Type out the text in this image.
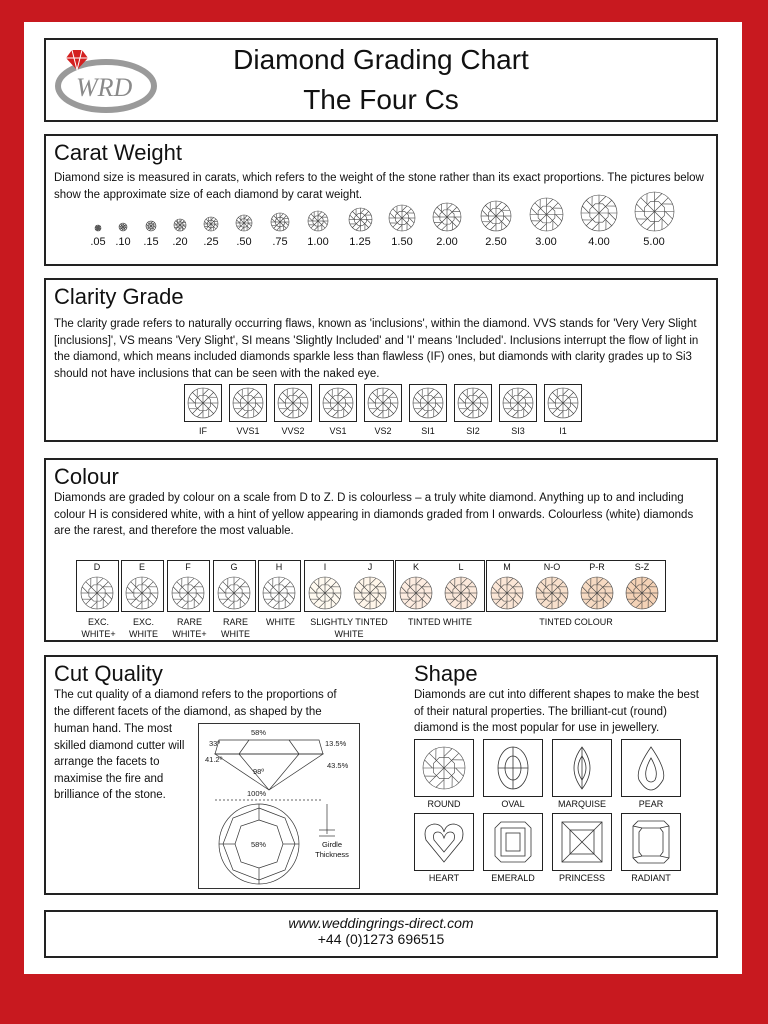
WRD
Diamond Grading Chart
The Four Cs
Carat Weight
Diamond size is measured in carats, which refers to the weight of the stone rather than its exact proportions. The pictures below show the approximate size of each diamond by carat weight.
.05 .10	.15	.20	.25	.50	.75	1.00	1.25	1.50	2.00	2.50	3.00	4.00	5.00
Clarity Grade
The clarity grade refers to naturally occurring flaws, known as 'inclusions', within the diamond. VVS stands for 'Very Very Slight [inclusions]', VS means 'Very Slight', SI means 'Slightly Included' and 'I' means 'Included'. Inclusions interrupt the flow of light in the diamond, which means included diamonds sparkle less than flawless (IF) ones, but diamonds with clarity grades up to Si3 should not have inclusions that can be seen with the naked eye.
IF	VVS1	VVS2	VS1	VS2	SI1	SI2	SI3	I1
Colour
Diamonds are graded by colour on a scale from D to Z. D is colourless – a truly white diamond. Anything up to and including colour H is considered white, with a hint of yellow appearing in diamonds graded from I onwards. Colourless (white) diamonds are the rarest, and therefore the most valuable.
D
EXC. WHITE+
E
EXC. WHITE
F
RARE WHITE+
G
RARE WHITE
H
WHITE
I	J
SLIGHTLY TINTED WHITE
K	L
TINTED WHITE
M	N-O	P-R	S-Z
TINTED COLOUR
Cut Quality
The cut quality of a diamond refers to the proportions of the different facets of the diamond, as shaped by the
human hand. The most skilled diamond cutter will arrange the facets to maximise the fire and brilliance of the stone.
58%
33º
41.2º
13.5%
43.5%
98º
100%
58%	Girdle Thickness
Shape
Diamonds are cut into different shapes to make the best of their natural properties. The brilliant-cut (round) diamond is the most popular for use in jewellery.
ROUND	OVAL	MARQUISE	PEAR
HEART	EMERALD	PRINCESS	RADIANT
www.weddingrings-direct.com
+44 (0)1273 696515
